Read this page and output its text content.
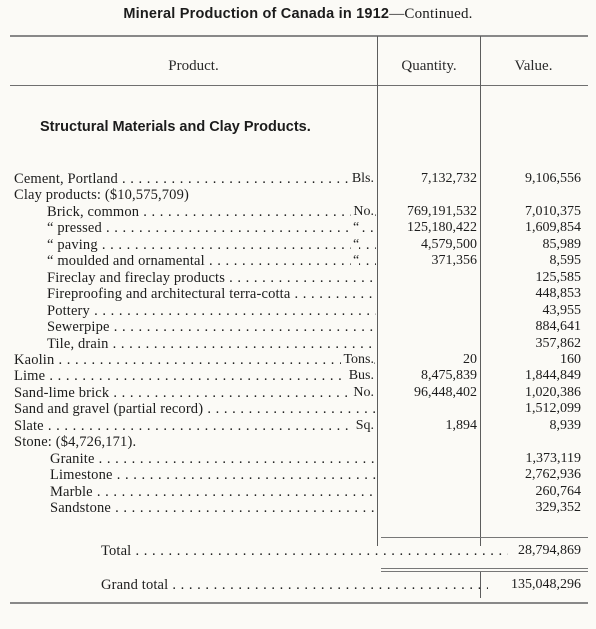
Mineral Production of Canada in 1912—Continued.
Product.	Quantity.	Value.
Structural Materials and Clay Products.
Cement, Portland . . .	Bls.	7,132,732	9,106,556
Clay products: ($10,575,709)
Brick, common . . .	No. 769,191,532	7,010,375
“ pressed . . .	“	125,180,422	1,609,854
“ paving . . .	“	4,579,500	85,989
“ moulded and ornamental . . .	“	371,356	8,595
Fireclay and fireclay products . . .	125,585
Fireproofing and architectural terra-cotta . . .	448,853
Pottery . . .	43,955
Sewerpipe . . .	884,641
Tile, drain . . .	357,862
Kaolin . . .	Tons.	20	160
Lime . . .	Bus.	8,475,839	1,844,849
Sand-lime brick . . .	No.	96,448,402	1,020,386
Sand and gravel (partial record) . . .	1,512,099
Slate . . .	Sq.	1,894	8,939
Stone: ($4,726,171).
Granite . . .	1,373,119
Limestone . . .	2,762,936
Marble . . .	260,764
Sandstone . . .	329,352
Total . . .	28,794,869
Grand total . . .	135,048,296
